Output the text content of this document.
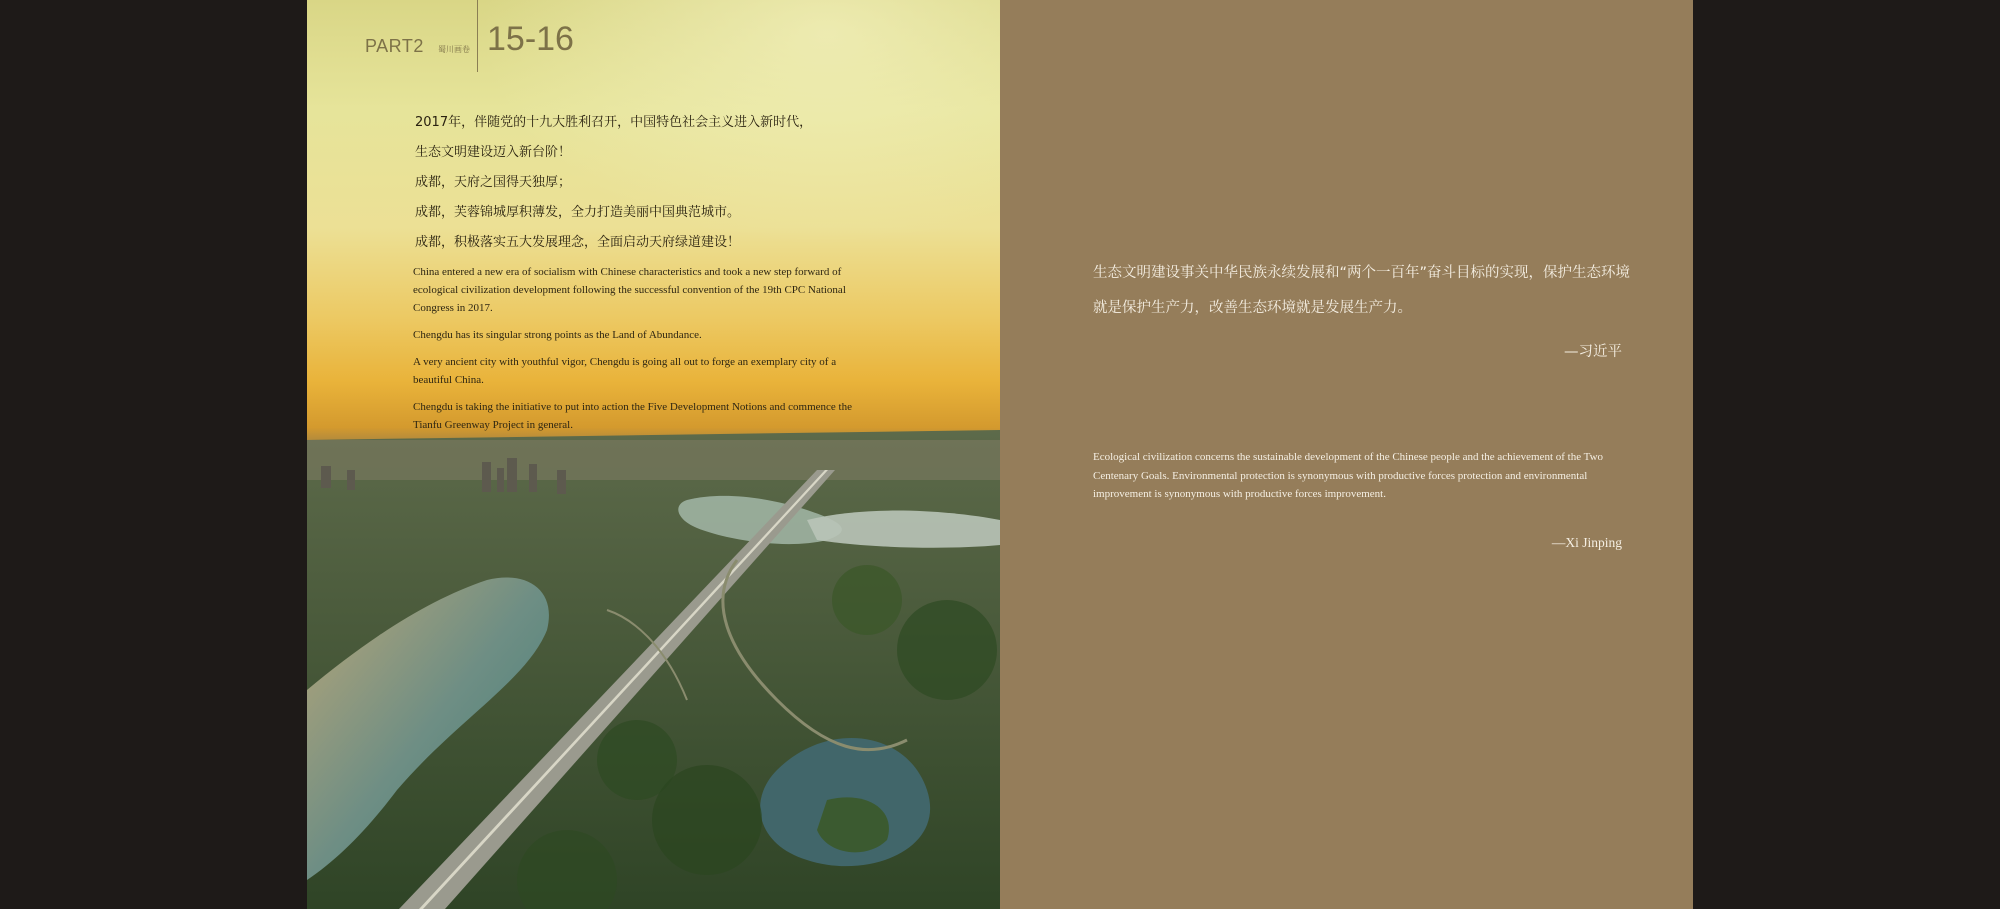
PART2 蜀川画卷 15-16
2017年，伴随党的十九大胜利召开，中国特色社会主义进入新时代，
生态文明建设迈入新台阶！
成都，天府之国得天独厚；
成都，芙蓉锦城厚积薄发，全力打造美丽中国典范城市。
成都，积极落实五大发展理念，全面启动天府绿道建设！

China entered a new era of socialism with Chinese characteristics and took a new step forward of ecological civilization development following the successful convention of the 19th CPC National Congress in 2017.

Chengdu has its singular strong points as the Land of Abundance.

A very ancient city with youthful vigor, Chengdu is going all out to forge an exemplary city of a beautiful China.

Chengdu is taking the initiative to put into action the Five Development Notions and commence the Tianfu Greenway Project in general.

生态文明建设事关中华民族永续发展和“两个一百年”奋斗目标的实现，保护生态环境就是保护生产力，改善生态环境就是发展生产力。
—习近平
Ecological civilization concerns the sustainable development of the Chinese people and the achievement of the Two Centenary Goals. Environmental protection is synonymous with productive forces protection and environmental improvement is synonymous with productive forces improvement.
—Xi Jinping
